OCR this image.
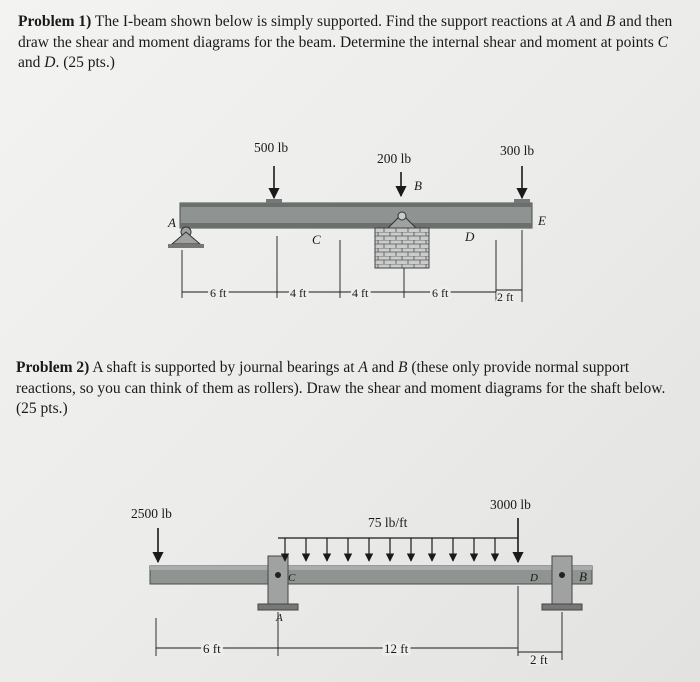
Problem 1) The I-beam shown below is simply supported. Find the support reactions at A and B and then draw the shear and moment diagrams for the beam. Determine the internal shear and moment at points C and D. (25 pts.)

Problem 2) A shaft is supported by journal bearings at A and B (these only provide normal support reactions, so you can think of them as rollers). Draw the shear and moment diagrams for the shaft below. (25 pts.)

A
500 lb
200 lb
300 lb
B
C	D
E
6 ft	4 ft	4 ft	6 ft	2 ft
2500 lb
75 lb/ft
3000 lb
A
B
C	D
6 ft	12 ft
2 ft
